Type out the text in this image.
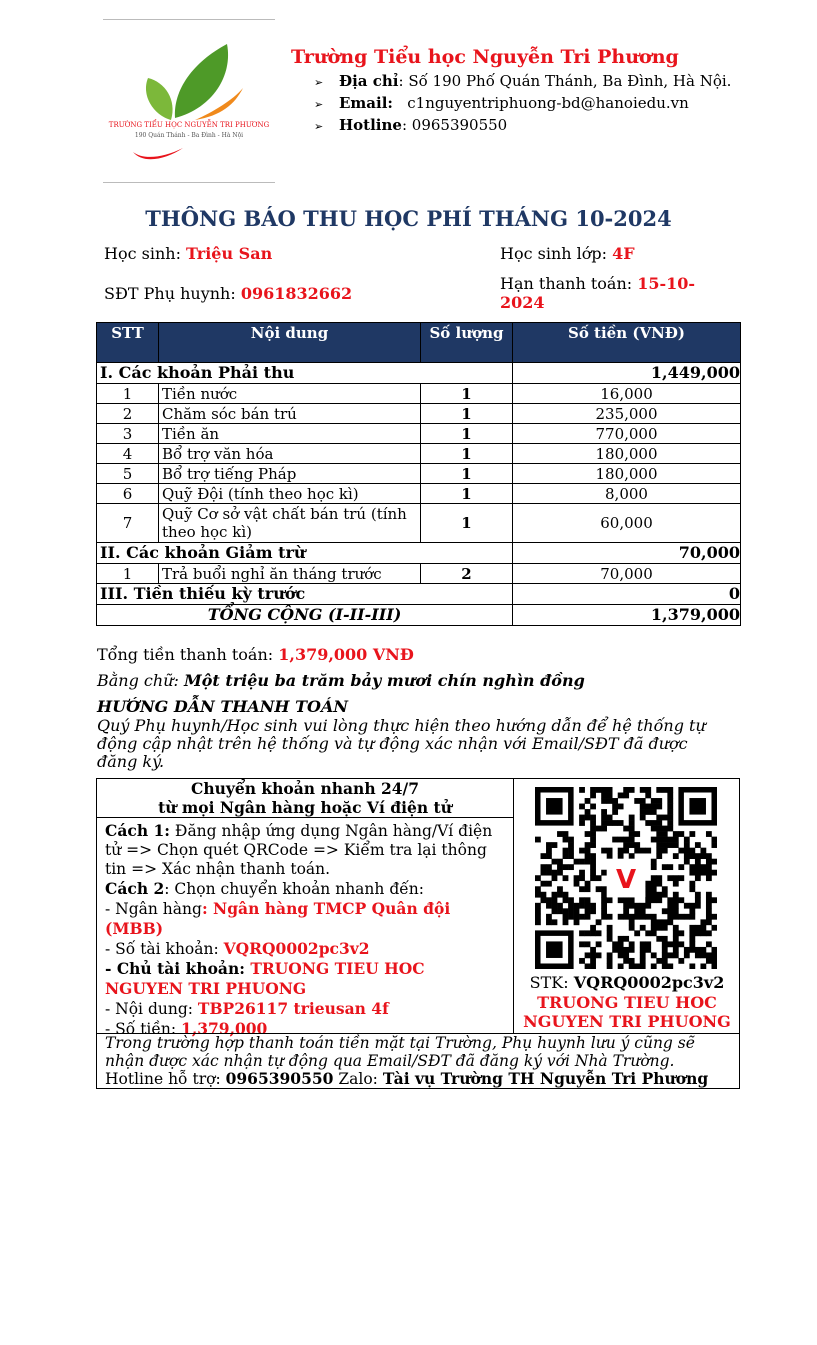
TRƯỜNG TIỂU HỌC NGUYỄN TRI PHƯƠNG
190 Quán Thánh - Ba Đình - Hà Nội
Trường Tiểu học Nguyễn Tri Phương
➢ Địa chỉ: Số 190 Phố Quán Thánh, Ba Đình, Hà Nội.
➢ Email: c1nguyentriphuong-bd@hanoiedu.vn
➢ Hotline: 0965390550
THÔNG BÁO THU HỌC PHÍ THÁNG 10-2024
Học sinh: Triệu San	Học sinh lớp: 4F
SĐT Phụ huynh: 0961832662
Hạn thanh toán: 15-10-2024
STT	Nội dung	Số lượng	Số tiền (VNĐ)
I. Các khoản Phải thu			1,449,000
1	Tiền nước	1	16,000
2	Chăm sóc bán trú	1	235,000
3	Tiền ăn	1	770,000
4	Bổ trợ văn hóa	1	180,000
5	Bổ trợ tiếng Pháp	1	180,000
6	Quỹ Đội (tính theo học kì)	1	8,000
7	Quỹ Cơ sở vật chất bán trú (tính theo học kì)	1	60,000
II. Các khoản Giảm trừ			70,000
1	Trả buổi nghỉ ăn tháng trước	2	70,000
III. Tiền thiếu kỳ trước			0
TỔNG CỘNG (I-II-III)			1,379,000
Tổng tiền thanh toán: 1,379,000 VNĐ
Bằng chữ: Một triệu ba trăm bảy mươi chín nghìn đồng
HƯỚNG DẪN THANH TOÁN
Quý Phụ huynh/Học sinh vui lòng thực hiện theo hướng dẫn để hệ thống tự động cập nhật trên hệ thống và tự động xác nhận với Email/SĐT đã được đăng ký.
Chuyển khoản nhanh 24/7
từ mọi Ngân hàng hoặc Ví điện tử
Cách 1: Đăng nhập ứng dụng Ngân hàng/Ví điện tử => Chọn quét QRCode => Kiểm tra lại thông tin => Xác nhận thanh toán.
Cách 2: Chọn chuyển khoản nhanh đến:
- Ngân hàng: Ngân hàng TMCP Quân đội (MBB)
- Số tài khoản: VQRQ0002pc3v2
- Chủ tài khoản: TRUONG TIEU HOC NGUYEN TRI PHUONG
- Nội dung: TBP26117 trieusan 4f
- Số tiền: 1,379,000
V
STK: VQRQ0002pc3v2
TRUONG TIEU HOC NGUYEN TRI PHUONG
Trong trường hợp thanh toán tiền mặt tại Trường, Phụ huynh lưu ý cũng sẽ nhận được xác nhận tự động qua Email/SĐT đã đăng ký với Nhà Trường.
Hotline hỗ trợ: 0965390550 Zalo: Tài vụ Trường TH Nguyễn Tri Phương
